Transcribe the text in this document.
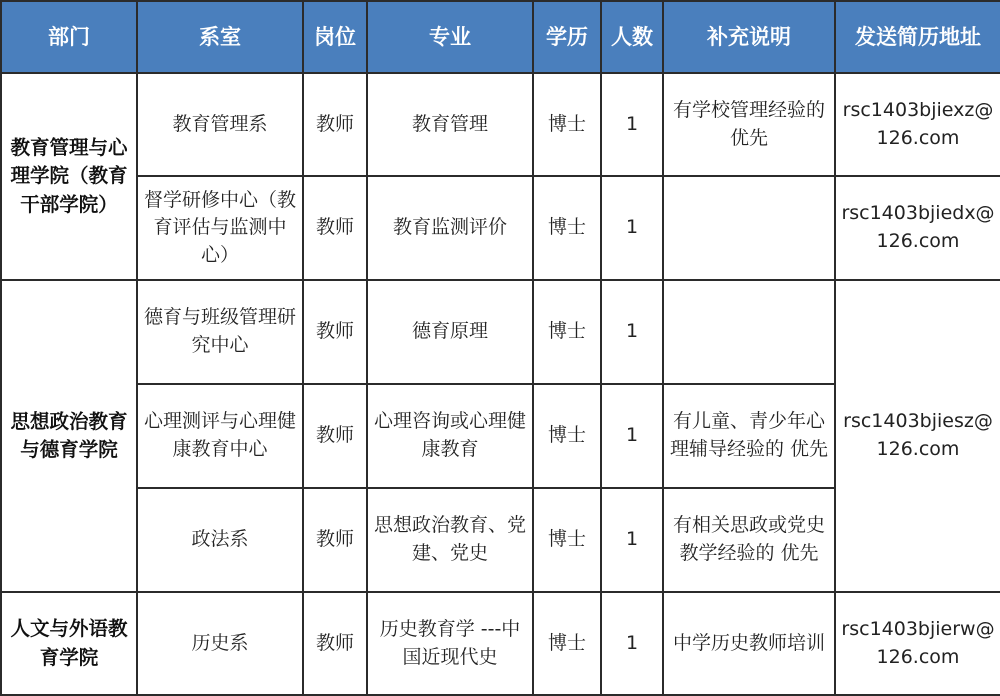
部门	系室	岗位	专业	学历	人数	补充说明	发送简历地址
教育管理与心理学院（教育干部学院）	教育管理系	教师	教育管理	博士	1	有学校管理经验的优先	rsc1403bjiexz@126.com
	督学研修中心（教育评估与监测中心）	教师	教育监测评价	博士	1		rsc1403bjiedx@126.com
思想政治教育与德育学院	德育与班级管理研究中心	教师	德育原理	博士	1		rsc1403bjiesz@126.com
	心理测评与心理健康教育中心	教师	心理咨询或心理健康教育	博士	1	有儿童、青少年心理辅导经验的 优先	
	政法系	教师	思想政治教育、党建、党史	博士	1	有相关思政或党史教学经验的 优先	
人文与外语教育学院	历史系	教师	历史教育学 ---中国近现代史	博士	1	中学历史教师培训	rsc1403bjierw@126.com
